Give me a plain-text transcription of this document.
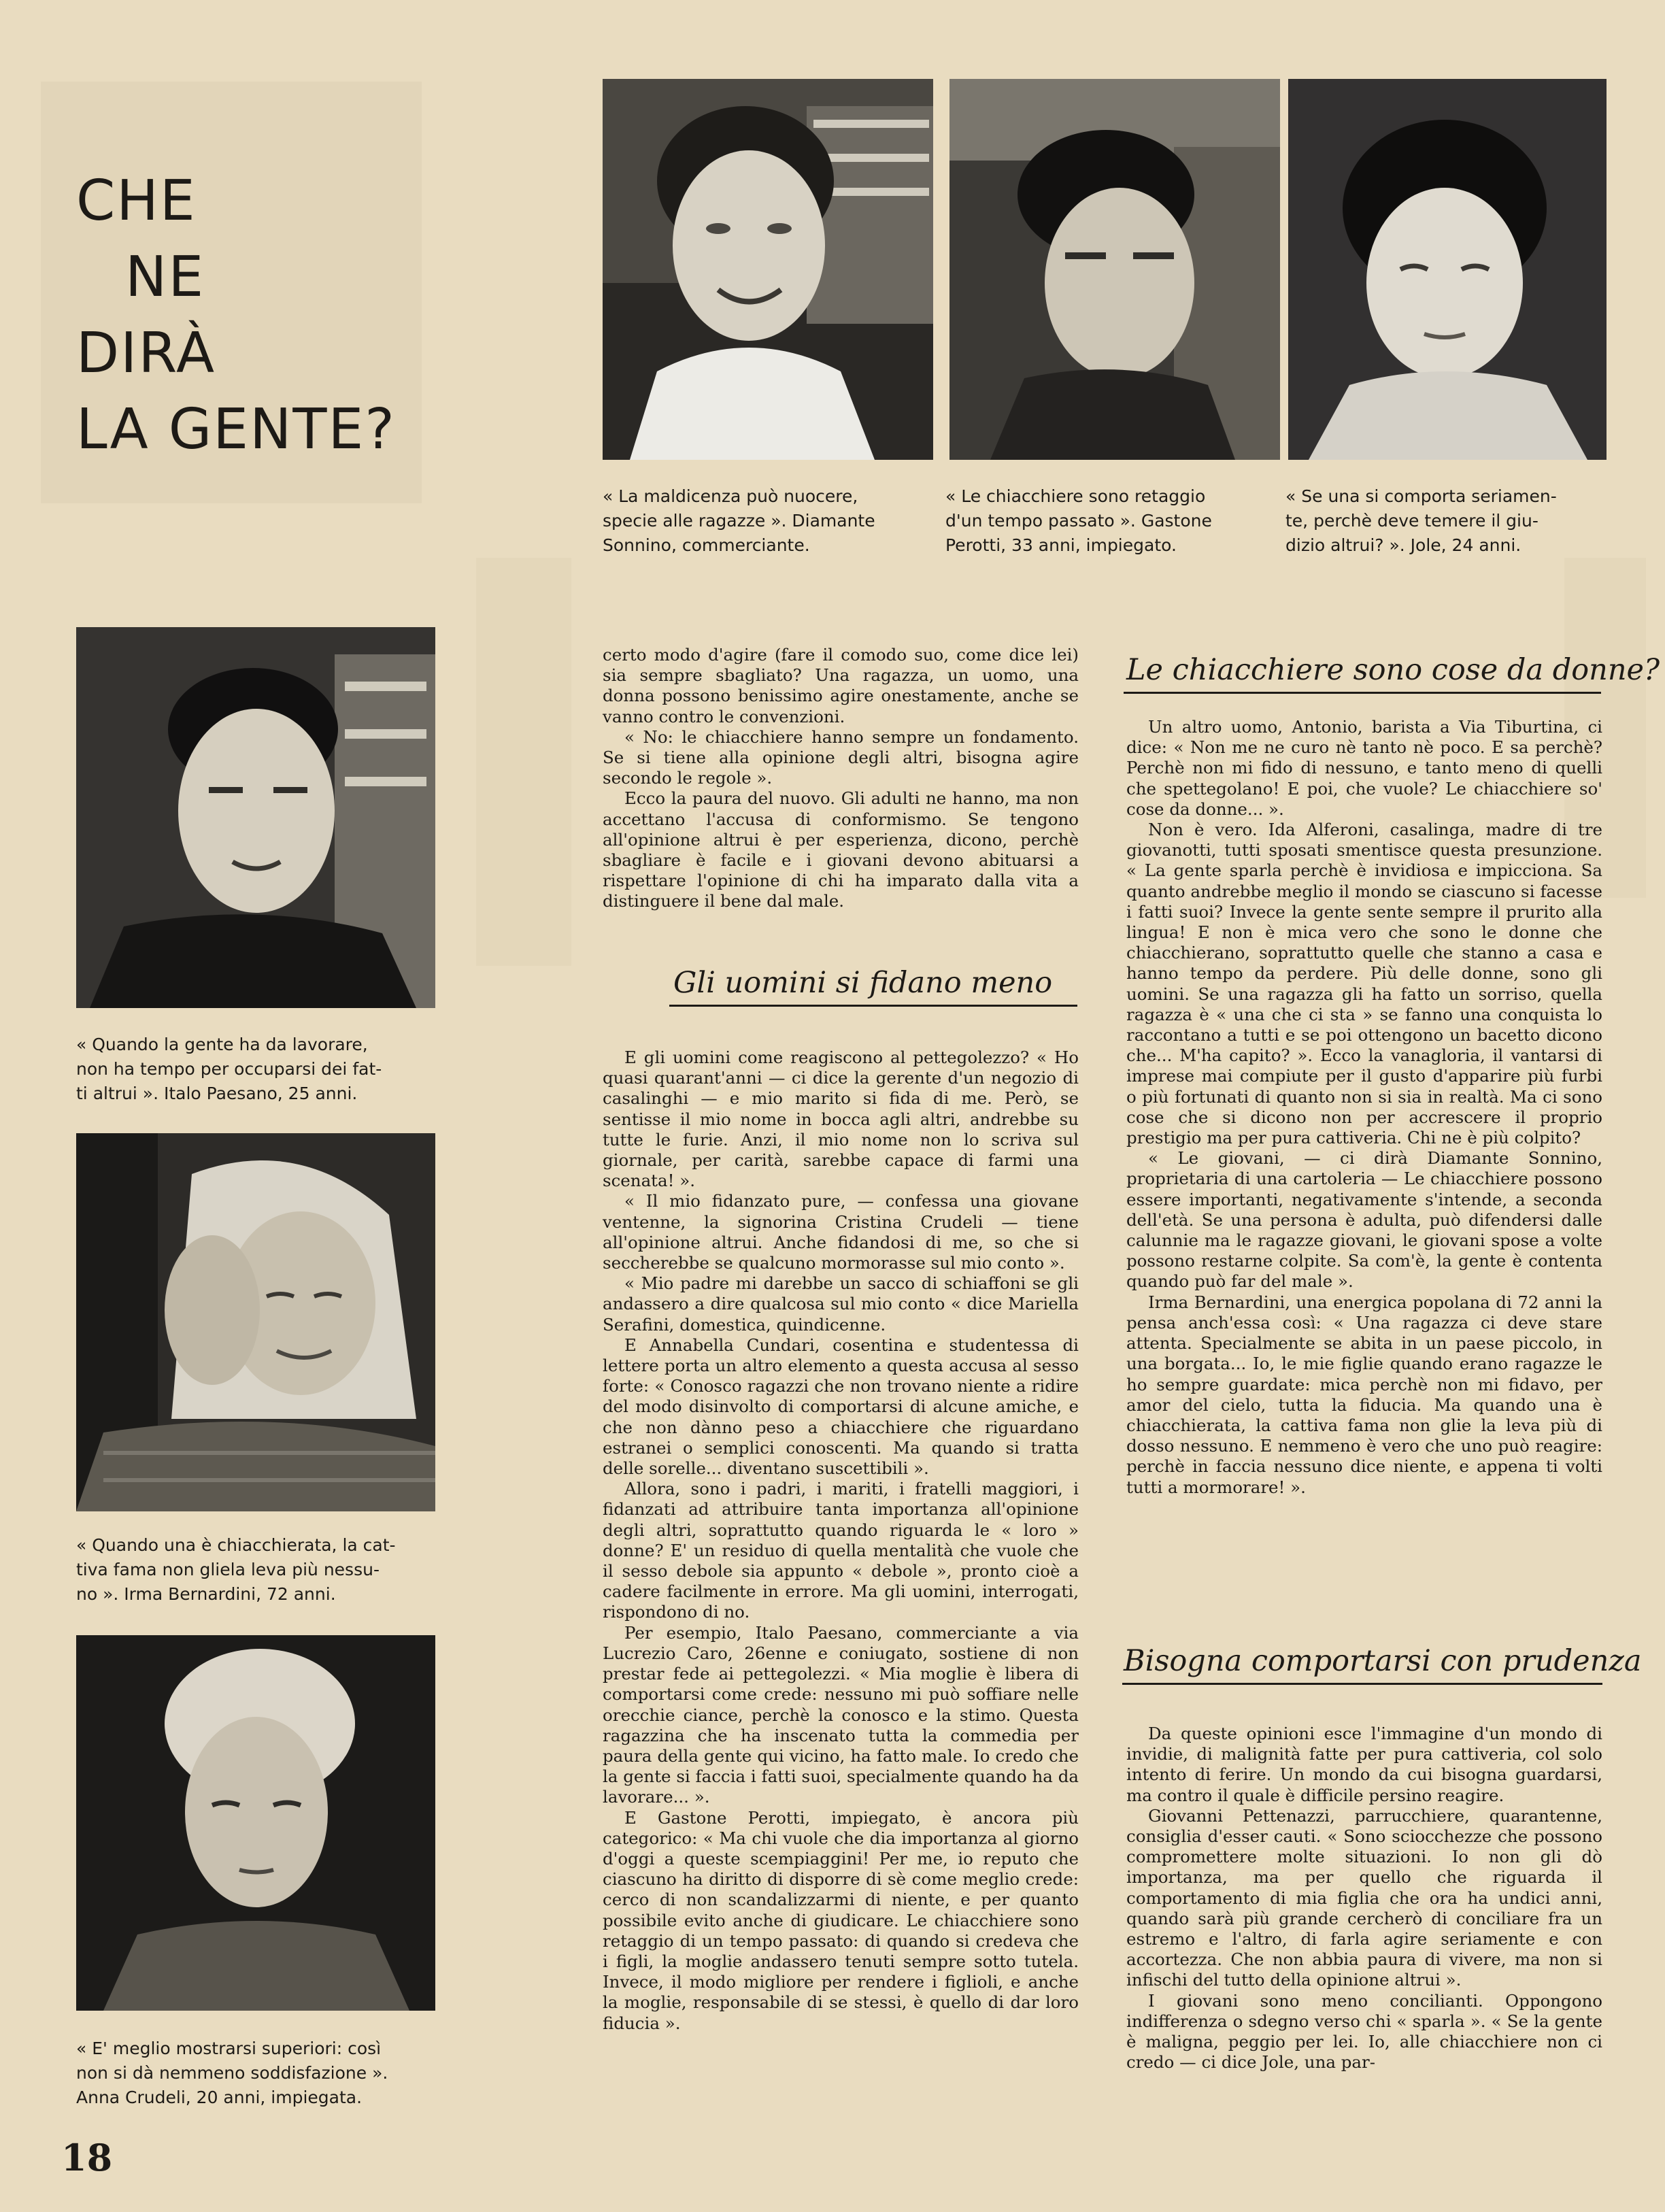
CHE
NE
DIRÀ
LA GENTE?

« La maldicenza può nuocere,
specie alle ragazze ». Diamante
Sonnino, commerciante.

« Le chiacchiere sono retaggio
d'un tempo passato ». Gastone
Perotti, 33 anni, impiegato.

« Se una si comporta seriamen-
te, perchè deve temere il giu-
dizio altrui? ». Jole, 24 anni.

« Quando la gente ha da lavorare,
non ha tempo per occuparsi dei fat-
ti altrui ». Italo Paesano, 25 anni.

« Quando una è chiacchierata, la cat-
tiva fama non gliela leva più nessu-
no ». Irma Bernardini, 72 anni.

« E' meglio mostrarsi superiori: così
non si dà nemmeno soddisfazione ».
Anna Crudeli, 20 anni, impiegata.

certo modo d'agire (fare il comodo suo, come dice lei) sia sempre sbagliato? Una ragazza, un uomo, una donna possono benissimo agire onestamente, anche se vanno contro le convenzioni.

« No: le chiacchiere hanno sempre un fondamento. Se si tiene alla opinione degli altri, bisogna agire secondo le regole ».

Ecco la paura del nuovo. Gli adulti ne hanno, ma non accettano l'accusa di conformismo. Se tengono all'opinione altrui è per esperienza, dicono, perchè sbagliare è facile e i giovani devono abituarsi a rispettare l'opinione di chi ha imparato dalla vita a distinguere il bene dal male.

Gli uomini si fidano meno

E gli uomini come reagiscono al pettegolezzo? « Ho quasi quarant'anni — ci dice la gerente d'un negozio di casalinghi — e mio marito si fida di me. Però, se sentisse il mio nome in bocca agli altri, andrebbe su tutte le furie. Anzi, il mio nome non lo scriva sul giornale, per carità, sarebbe capace di farmi una scenata! ».

« Il mio fidanzato pure, — confessa una giovane ventenne, la signorina Cristina Crudeli — tiene all'opinione altrui. Anche fidandosi di me, so che si seccherebbe se qualcuno mormorasse sul mio conto ».

« Mio padre mi darebbe un sacco di schiaffoni se gli andassero a dire qualcosa sul mio conto « dice Mariella Serafini, domestica, quindicenne.

E Annabella Cundari, cosentina e studentessa di lettere porta un altro elemento a questa accusa al sesso forte: « Conosco ragazzi che non trovano niente a ridire del modo disinvolto di comportarsi di alcune amiche, e che non dànno peso a chiacchiere che riguardano estranei o semplici conoscenti. Ma quando si tratta delle sorelle... diventano suscettibili ».

Allora, sono i padri, i mariti, i fratelli maggiori, i fidanzati ad attribuire tanta importanza all'opinione degli altri, soprattutto quando riguarda le « loro » donne? E' un residuo di quella mentalità che vuole che il sesso debole sia appunto « debole », pronto cioè a cadere facilmente in errore. Ma gli uomini, interrogati, rispondono di no.

Per esempio, Italo Paesano, commerciante a via Lucrezio Caro, 26enne e coniugato, sostiene di non prestar fede ai pettegolezzi. « Mia moglie è libera di comportarsi come crede: nessuno mi può soffiare nelle orecchie ciance, perchè la conosco e la stimo. Questa ragazzina che ha inscenato tutta la commedia per paura della gente qui vicino, ha fatto male. Io credo che la gente si faccia i fatti suoi, specialmente quando ha da lavorare... ».

E Gastone Perotti, impiegato, è ancora più categorico: « Ma chi vuole che dia importanza al giorno d'oggi a queste scempiaggini! Per me, io reputo che ciascuno ha diritto di disporre di sè come meglio crede: cerco di non scandalizzarmi di niente, e per quanto possibile evito anche di giudicare. Le chiacchiere sono retaggio di un tempo passato: di quando si credeva che i figli, la moglie andassero tenuti sempre sotto tutela. Invece, il modo migliore per rendere i figlioli, e anche la moglie, responsabile di se stessi, è quello di dar loro fiducia ».

Le chiacchiere sono cose da donne?

Un altro uomo, Antonio, barista a Via Tiburtina, ci dice: « Non me ne curo nè tanto nè poco. E sa perchè? Perchè non mi fido di nessuno, e tanto meno di quelli che spettegolano! E poi, che vuole? Le chiacchiere so' cose da donne... ».

Non è vero. Ida Alferoni, casalinga, madre di tre giovanotti, tutti sposati smentisce questa presunzione. « La gente sparla perchè è invidiosa e impicciona. Sa quanto andrebbe meglio il mondo se ciascuno si facesse i fatti suoi? Invece la gente sente sempre il prurito alla lingua! E non è mica vero che sono le donne che chiacchierano, soprattutto quelle che stanno a casa e hanno tempo da perdere. Più delle donne, sono gli uomini. Se una ragazza gli ha fatto un sorriso, quella ragazza è « una che ci sta » se fanno una conquista lo raccontano a tutti e se poi ottengono un bacetto dicono che... M'ha capito? ». Ecco la vanagloria, il vantarsi di imprese mai compiute per il gusto d'apparire più furbi o più fortunati di quanto non si sia in realtà. Ma ci sono cose che si dicono non per accrescere il proprio prestigio ma per pura cattiveria. Chi ne è più colpito?

« Le giovani, — ci dirà Diamante Sonnino, proprietaria di una cartoleria — Le chiacchiere possono essere importanti, negativamente s'intende, a seconda dell'età. Se una persona è adulta, può difendersi dalle calunnie ma le ragazze giovani, le giovani spose a volte possono restarne colpite. Sa com'è, la gente è contenta quando può far del male ».

Irma Bernardini, una energica popolana di 72 anni la pensa anch'essa così: « Una ragazza ci deve stare attenta. Specialmente se abita in un paese piccolo, in una borgata... Io, le mie figlie quando erano ragazze le ho sempre guardate: mica perchè non mi fidavo, per amor del cielo, tutta la fiducia. Ma quando una è chiacchierata, la cattiva fama non glie la leva più di dosso nessuno. E nemmeno è vero che uno può reagire: perchè in faccia nessuno dice niente, e appena ti volti tutti a mormorare! ».

Bisogna comportarsi con prudenza

Da queste opinioni esce l'immagine d'un mondo di invidie, di malignità fatte per pura cattiveria, col solo intento di ferire. Un mondo da cui bisogna guardarsi, ma contro il quale è difficile persino reagire.

Giovanni Pettenazzi, parrucchiere, quarantenne, consiglia d'esser cauti. « Sono sciocchezze che possono compromettere molte situazioni. Io non gli dò importanza, ma per quello che riguarda il comportamento di mia figlia che ora ha undici anni, quando sarà più grande cercherò di conciliare fra un estremo e l'altro, di farla agire seriamente e con accortezza. Che non abbia paura di vivere, ma non si infischi del tutto della opinione altrui ».

I giovani sono meno concilianti. Oppongono indifferenza o sdegno verso chi « sparla ». « Se la gente è maligna, peggio per lei. Io, alle chiacchiere non ci credo — ci dice Jole, una par-

18
